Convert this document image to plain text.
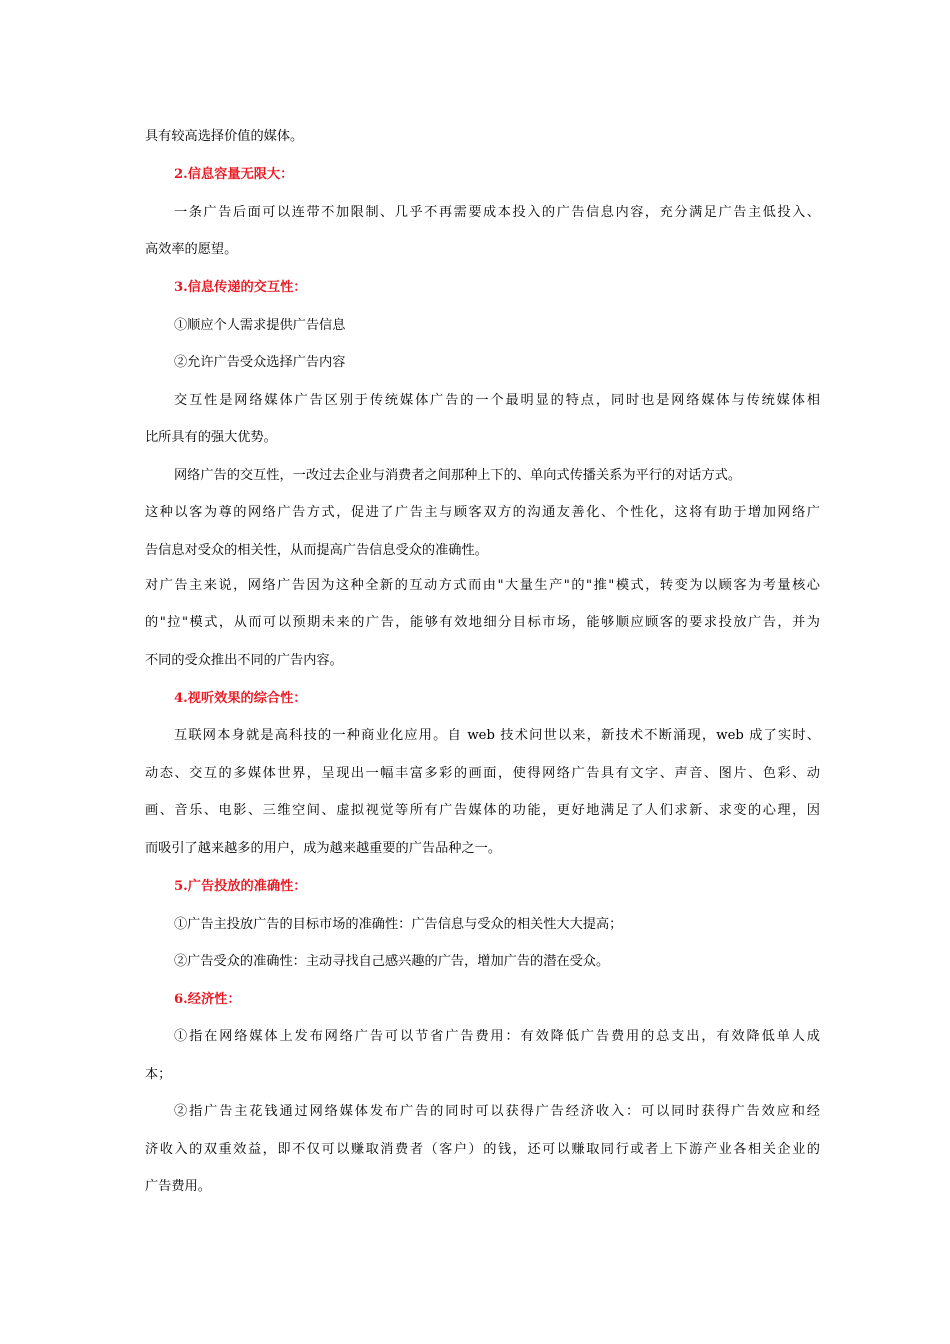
具有较高选择价值的媒体。
2.信息容量无限大：
一条广告后面可以连带不加限制、几乎不再需要成本投入的广告信息内容，充分满足广告主低投入、
高效率的愿望。
3.信息传递的交互性：
①顺应个人需求提供广告信息
②允许广告受众选择广告内容
交互性是网络媒体广告区别于传统媒体广告的一个最明显的特点，同时也是网络媒体与传统媒体相
比所具有的强大优势。
网络广告的交互性，一改过去企业与消费者之间那种上下的、单向式传播关系为平行的对话方式。
这种以客为尊的网络广告方式，促进了广告主与顾客双方的沟通友善化、个性化，这将有助于增加网络广
告信息对受众的相关性，从而提高广告信息受众的准确性。
对广告主来说，网络广告因为这种全新的互动方式而由"大量生产"的"推"模式，转变为以顾客为考量核心
的"拉"模式，从而可以预期未来的广告，能够有效地细分目标市场，能够顺应顾客的要求投放广告，并为
不同的受众推出不同的广告内容。
4.视听效果的综合性：
互联网本身就是高科技的一种商业化应用。自 web 技术问世以来，新技术不断涌现，web 成了实时、
动态、交互的多媒体世界，呈现出一幅丰富多彩的画面，使得网络广告具有文字、声音、图片、色彩、动
画、音乐、电影、三维空间、虚拟视觉等所有广告媒体的功能，更好地满足了人们求新、求变的心理，因
而吸引了越来越多的用户，成为越来越重要的广告品种之一。
5.广告投放的准确性：
①广告主投放广告的目标市场的准确性：广告信息与受众的相关性大大提高；
②广告受众的准确性：主动寻找自己感兴趣的广告，增加广告的潜在受众。
6.经济性：
①指在网络媒体上发布网络广告可以节省广告费用：有效降低广告费用的总支出，有效降低单人成
本；
②指广告主花钱通过网络媒体发布广告的同时可以获得广告经济收入：可以同时获得广告效应和经
济收入的双重效益，即不仅可以赚取消费者（客户）的钱，还可以赚取同行或者上下游产业各相关企业的
广告费用。
